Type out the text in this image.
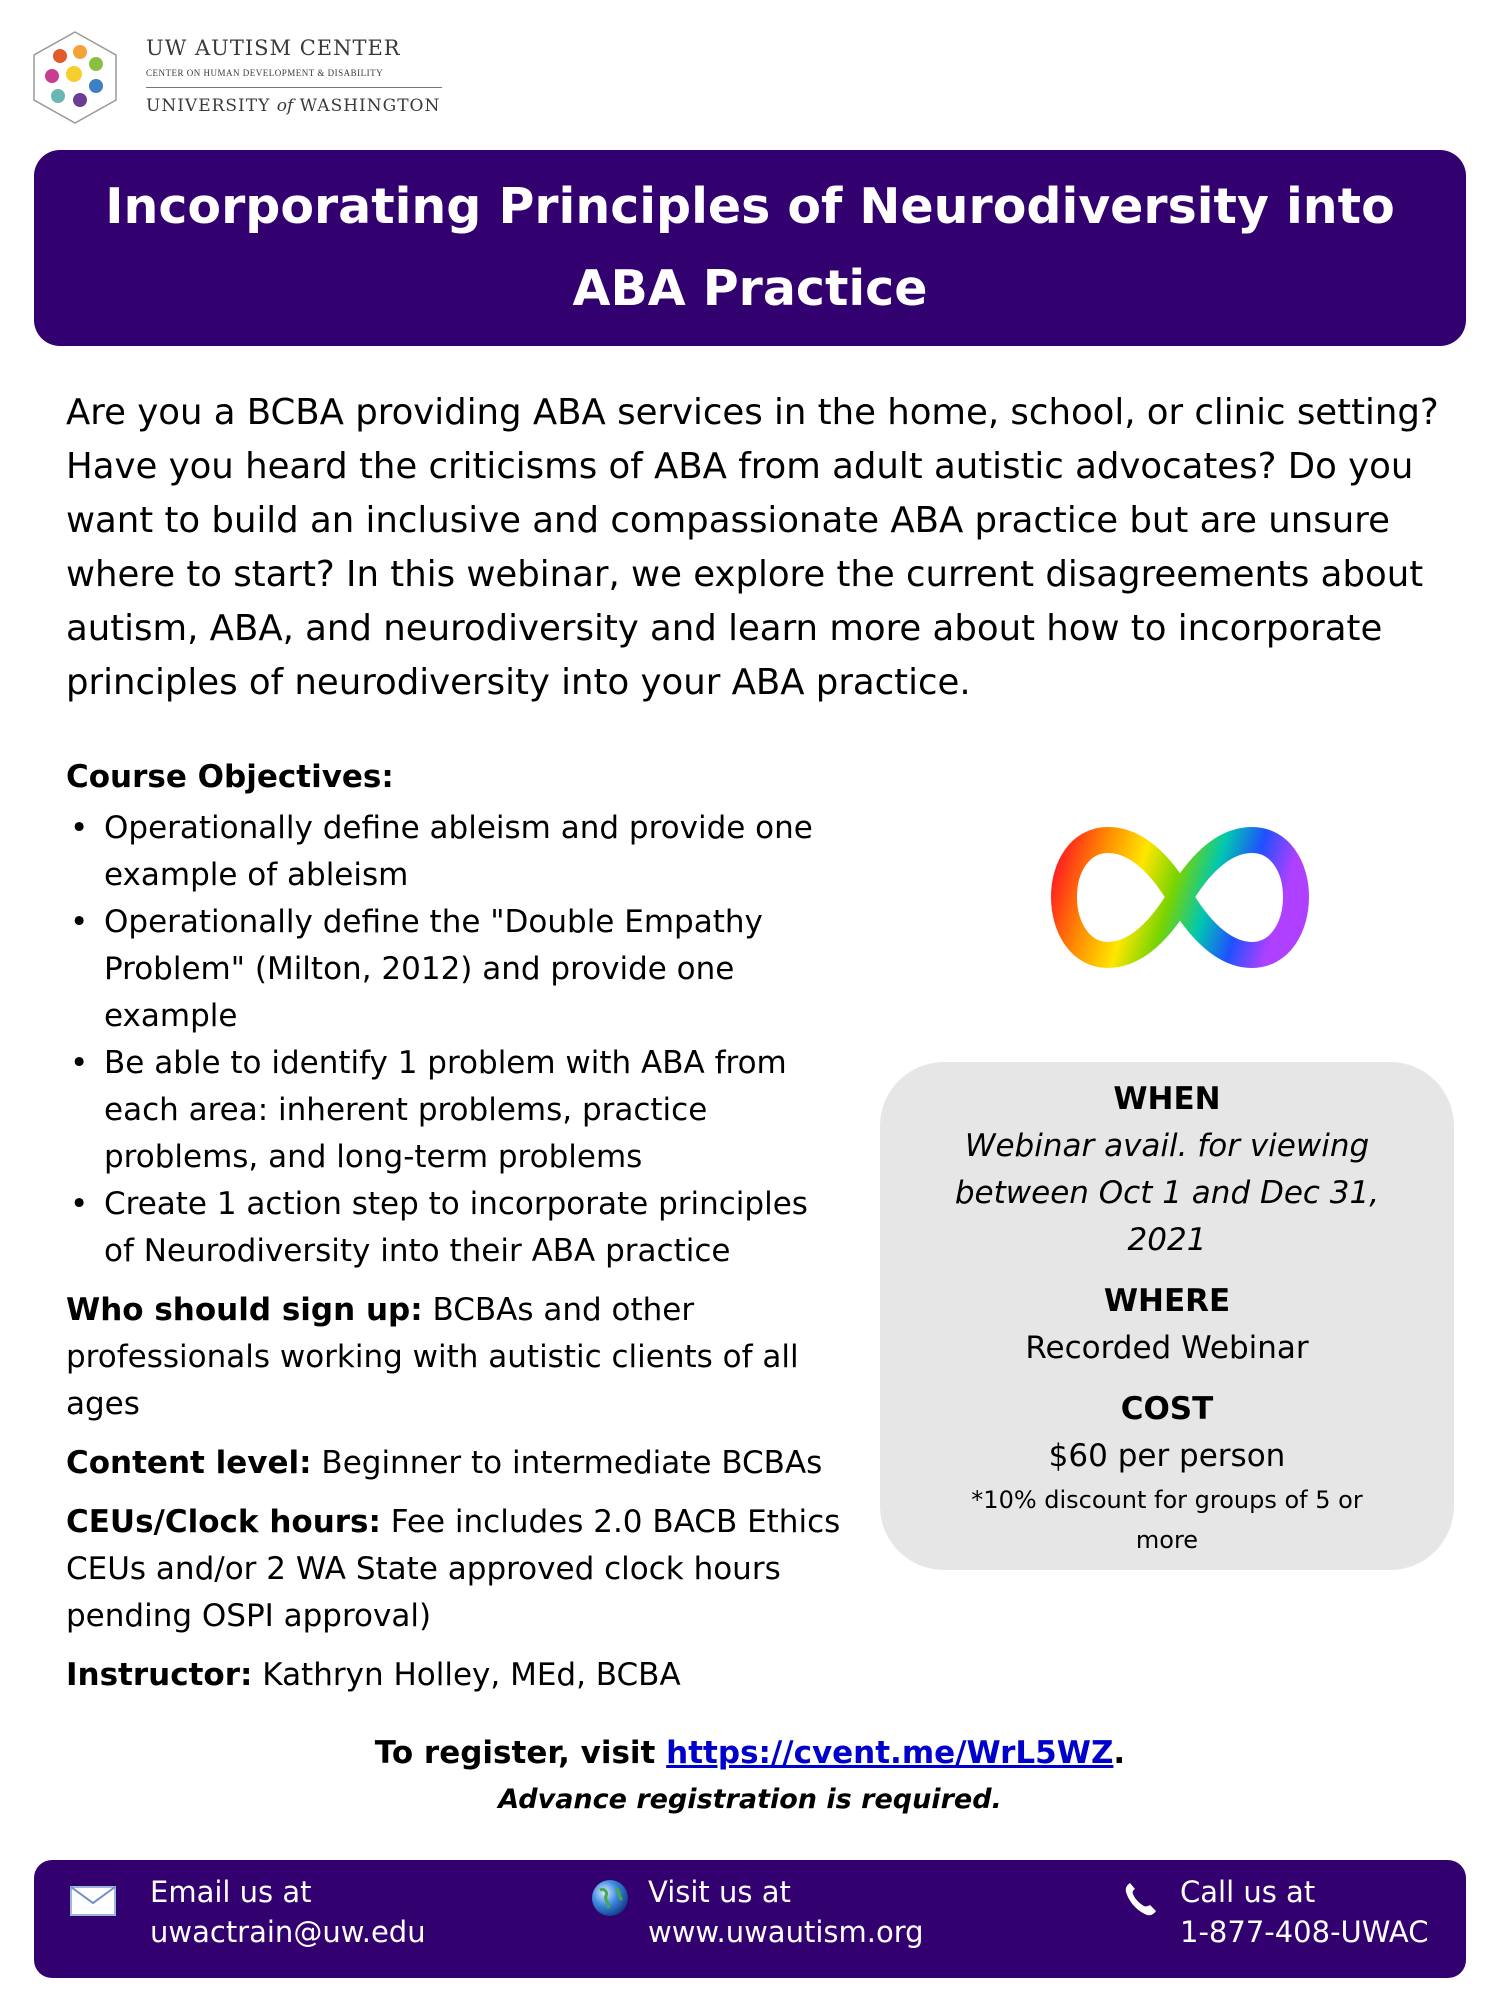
UW AUTISM CENTER
CENTER ON HUMAN DEVELOPMENT & DISABILITY
UNIVERSITY of WASHINGTON
Incorporating Principles of Neurodiversity into ABA Practice

Are you a BCBA providing ABA services in the home, school, or clinic setting? Have you heard the criticisms of ABA from adult autistic advocates? Do you want to build an inclusive and compassionate ABA practice but are unsure where to start? In this webinar, we explore the current disagreements about autism, ABA, and neurodiversity and learn more about how to incorporate principles of neurodiversity into your ABA practice.

Course Objectives:
• Operationally define ableism and provide one example of ableism
• Operationally define the "Double Empathy Problem" (Milton, 2012) and provide one example
• Be able to identify 1 problem with ABA from each area: inherent problems, practice problems, and long-term problems
• Create 1 action step to incorporate principles of Neurodiversity into their ABA practice

Who should sign up: BCBAs and other professionals working with autistic clients of all ages

Content level: Beginner to intermediate BCBAs

CEUs/Clock hours: Fee includes 2.0 BACB Ethics CEUs and/or 2 WA State approved clock hours pending OSPI approval)

Instructor: Kathryn Holley, MEd, BCBA

WHEN
Webinar avail. for viewing between Oct 1 and Dec 31, 2021
WHERE
Recorded Webinar
COST
$60 per person
*10% discount for groups of 5 or more
To register, visit https://cvent.me/WrL5WZ.
Advance registration is required.
Email us at
uwactrain@uw.edu
Visit us at
www.uwautism.org
Call us at
1-877-408-UWAC
